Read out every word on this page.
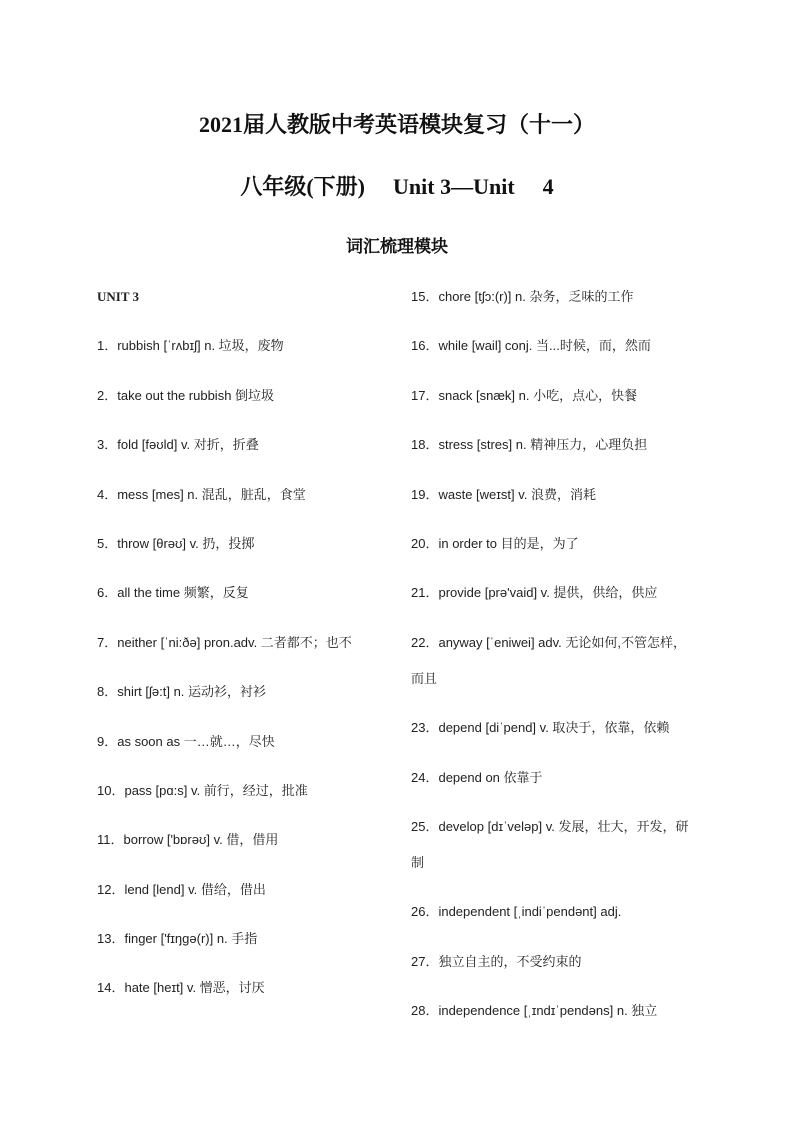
2021届人教版中考英语模块复习（十一）
八年级(下册) Unit 3—Unit 4
词汇梳理模块
UNIT 3
1．rubbish [ˈrʌbɪʃ] n. 垃圾，废物
2．take out the rubbish 倒垃圾
3．fold [fəʊld] v. 对折，折叠
4．mess [mes] n. 混乱，脏乱，食堂
5．throw [θrəʊ] v. 扔，投掷
6．all the time 频繁，反复
7．neither [ˈni:ðə] pron.adv. 二者都不；也不
8．shirt [ʃə:t] n. 运动衫，衬衫
9．as soon as 一…就…，尽快
10．pass [pɑ:s] v. 前行，经过，批准
11．borrow ['bɒrəʊ] v. 借，借用
12．lend [lend] v. 借给，借出
13．finger ['fɪŋgə(r)] n. 手指
14．hate [heɪt] v. 憎恶，讨厌
15．chore [tʃɔ:(r)] n. 杂务，乏味的工作
16．while [wail] conj. 当...时候，而，然而
17．snack [snæk] n. 小吃，点心，快餐
18．stress [stres] n. 精神压力，心理负担
19．waste [weɪst] v. 浪费，消耗
20．in order to 目的是，为了
21．provide [prə'vaid] v. 提供，供给，供应
22．anyway [ˈeniwei] adv. 无论如何,不管怎样，
而且
23．depend [diˈpend] v. 取决于，依靠，依赖
24．depend on 依靠于
25．develop [dɪˈveləp] v. 发展，壮大，开发，研
制
26．independent [ˌindiˈpendənt] adj.
27．独立自主的，不受约束的
28．independence [ˌɪndɪˈpendəns] n. 独立
